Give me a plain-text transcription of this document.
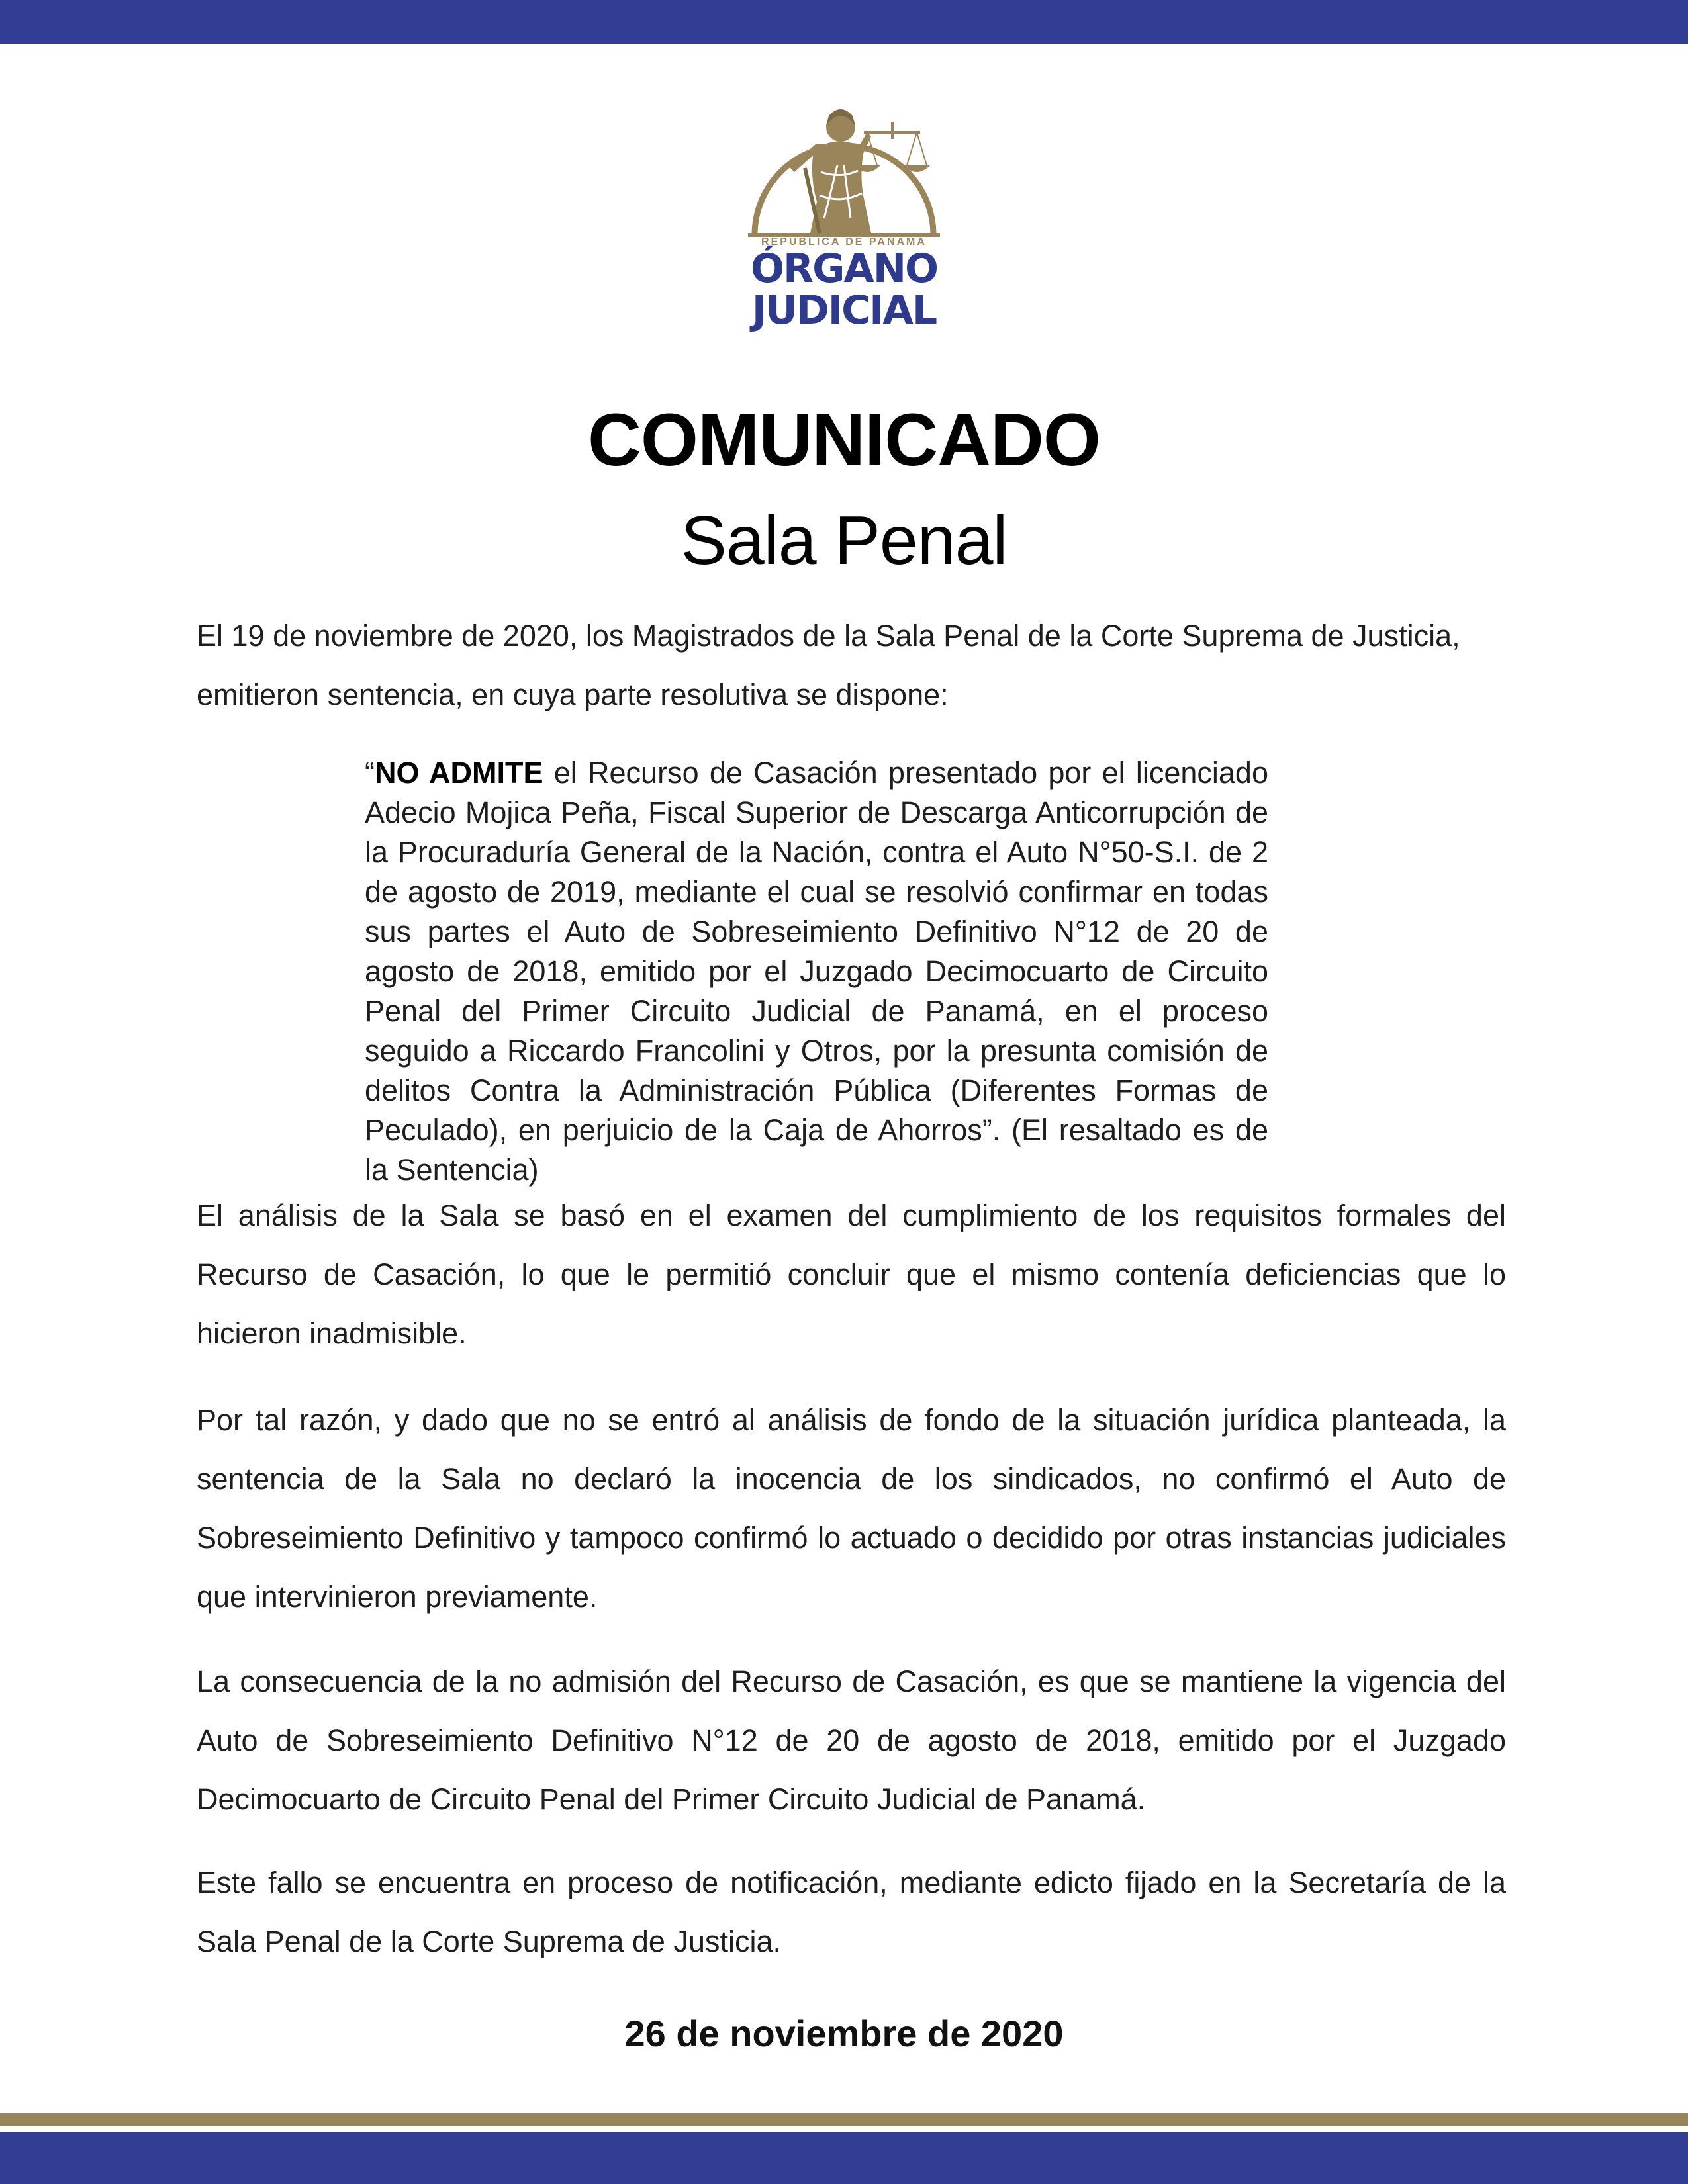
REPÚBLICA DE PANAMÁ
ÓRGANO
JUDICIAL
COMUNICADO
Sala Penal
El 19 de noviembre de 2020, los Magistrados de la Sala Penal de la Corte Suprema de Justicia, emitieron sentencia, en cuya parte resolutiva se dispone:
“NO ADMITE el Recurso de Casación presentado por el licenciado Adecio Mojica Peña, Fiscal Superior de Descarga Anticorrupción de la Procuraduría General de la Nación, contra el Auto N°50-S.I. de 2 de agosto de 2019, mediante el cual se resolvió confirmar en todas sus partes el Auto de Sobreseimiento Definitivo N°12 de 20 de agosto de 2018, emitido por el Juzgado Decimocuarto de Circuito Penal del Primer Circuito Judicial de Panamá, en el proceso seguido a Riccardo Francolini y Otros, por la presunta comisión de delitos Contra la Administración Pública (Diferentes Formas de Peculado), en perjuicio de la Caja de Ahorros”. (El resaltado es de la Sentencia)
El análisis de la Sala se basó en el examen del cumplimiento de los requisitos formales del Recurso de Casación, lo que le permitió concluir que el mismo contenía deficiencias que lo hicieron inadmisible.
Por tal razón, y dado que no se entró al análisis de fondo de la situación jurídica planteada, la sentencia de la Sala no declaró la inocencia de los sindicados, no confirmó el Auto de Sobreseimiento Definitivo y tampoco confirmó lo actuado o decidido por otras instancias judiciales que intervinieron previamente.
La consecuencia de la no admisión del Recurso de Casación, es que se mantiene la vigencia del Auto de Sobreseimiento Definitivo N°12 de 20 de agosto de 2018, emitido por el Juzgado Decimocuarto de Circuito Penal del Primer Circuito Judicial de Panamá.
Este fallo se encuentra en proceso de notificación, mediante edicto fijado en la Secretaría de la Sala Penal de la Corte Suprema de Justicia.
26 de noviembre de 2020
